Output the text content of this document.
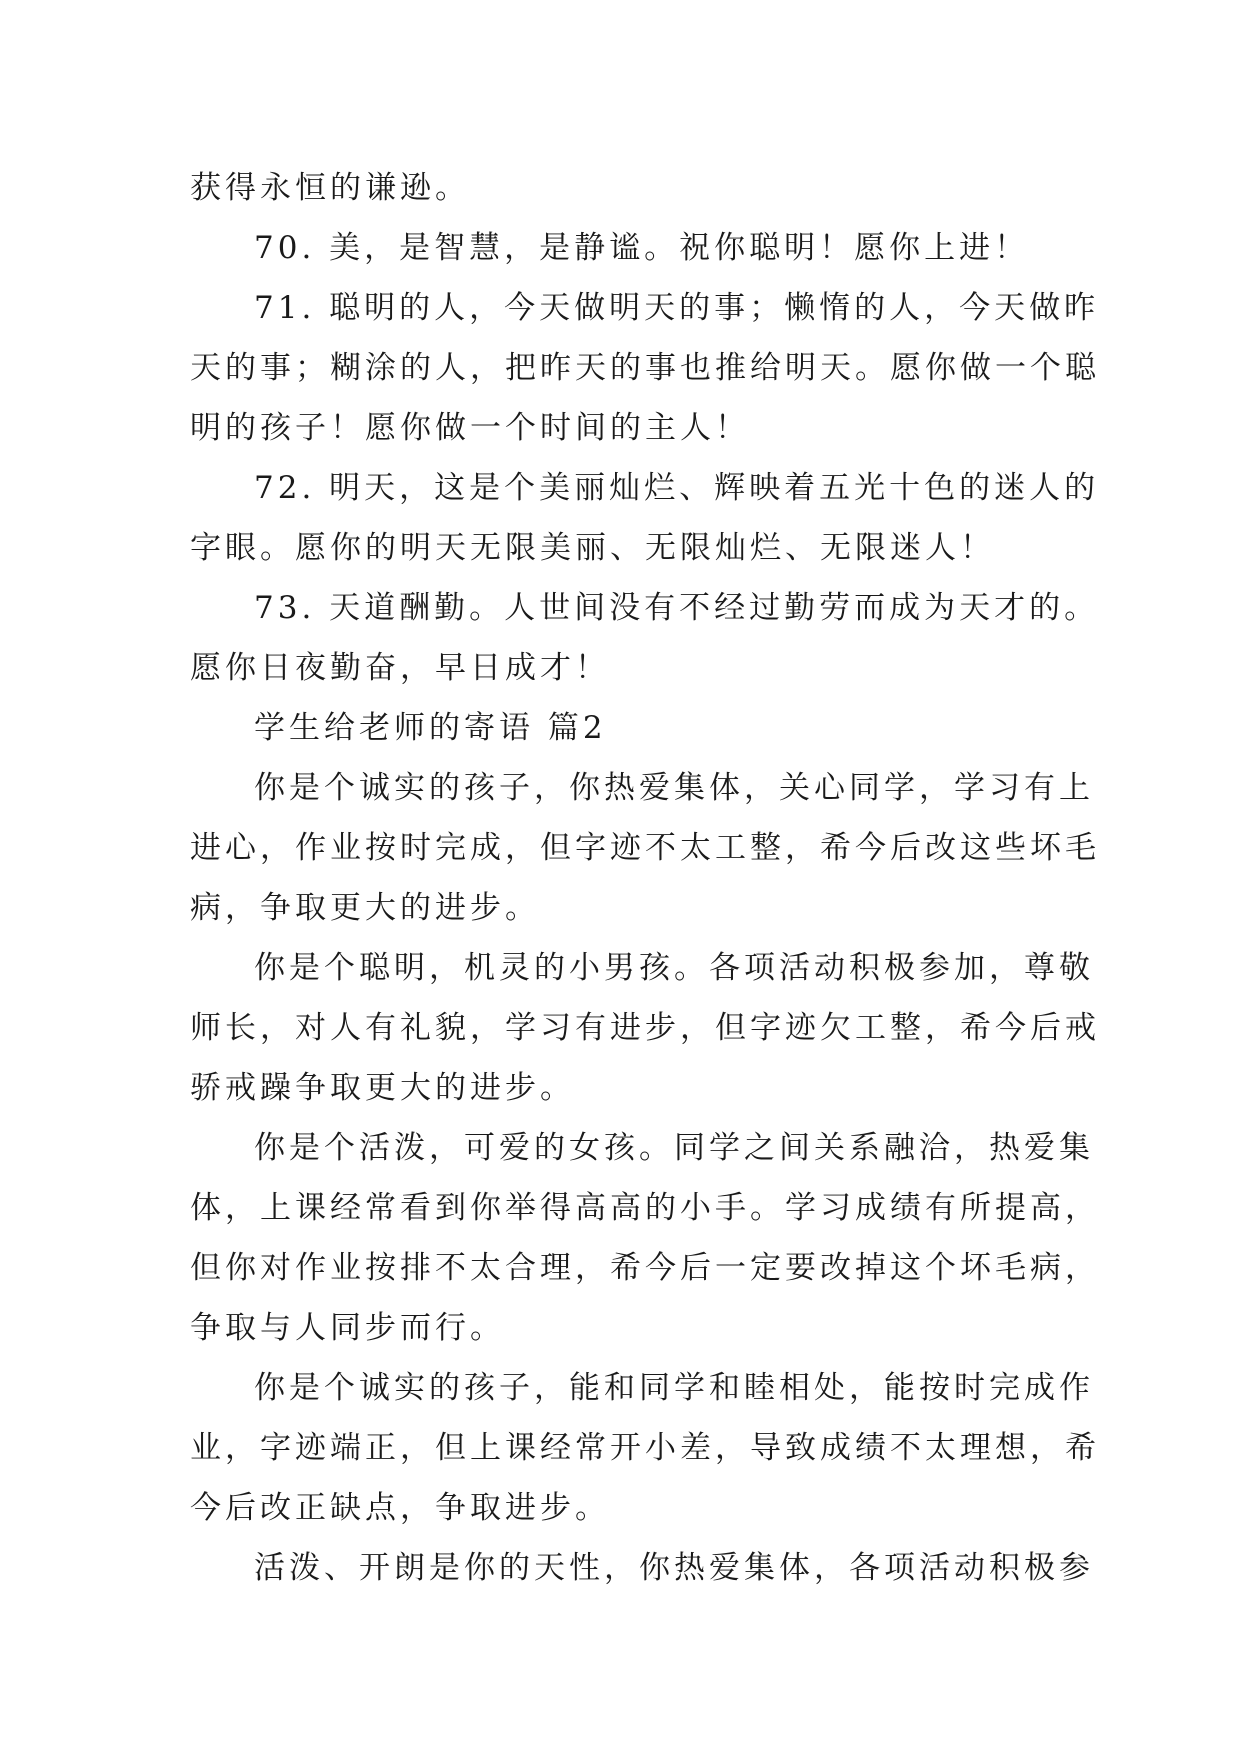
获得永恒的谦逊。
70. 美，是智慧，是静谧。祝你聪明！愿你上进！
71. 聪明的人，今天做明天的事；懒惰的人，今天做昨
天的事；糊涂的人，把昨天的事也推给明天。愿你做一个聪
明的孩子！愿你做一个时间的主人！
72. 明天，这是个美丽灿烂、辉映着五光十色的迷人的
字眼。愿你的明天无限美丽、无限灿烂、无限迷人！
73. 天道酬勤。人世间没有不经过勤劳而成为天才的。
愿你日夜勤奋，早日成才！
学生给老师的寄语 篇2
你是个诚实的孩子，你热爱集体，关心同学，学习有上
进心，作业按时完成，但字迹不太工整，希今后改这些坏毛
病，争取更大的进步。
你是个聪明，机灵的小男孩。各项活动积极参加，尊敬
师长，对人有礼貌，学习有进步，但字迹欠工整，希今后戒
骄戒躁争取更大的进步。
你是个活泼，可爱的女孩。同学之间关系融洽，热爱集
体，上课经常看到你举得高高的小手。学习成绩有所提高，
但你对作业按排不太合理，希今后一定要改掉这个坏毛病，
争取与人同步而行。
你是个诚实的孩子，能和同学和睦相处，能按时完成作
业，字迹端正，但上课经常开小差，导致成绩不太理想，希
今后改正缺点，争取进步。
活泼、开朗是你的天性，你热爱集体，各项活动积极参
